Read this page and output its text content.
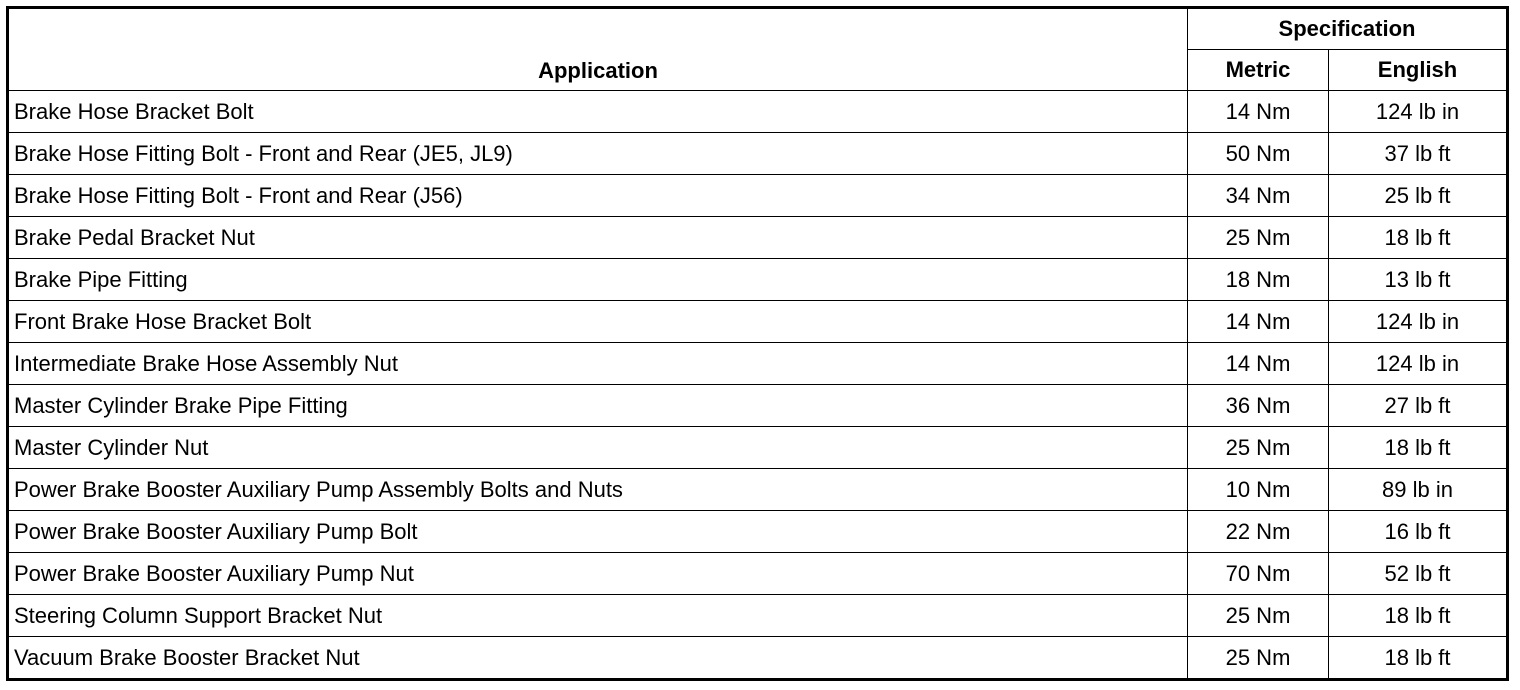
Application	Specification	
	Metric	English
Brake Hose Bracket Bolt	14 Nm	124 lb in
Brake Hose Fitting Bolt - Front and Rear (JE5, JL9)	50 Nm	37 lb ft
Brake Hose Fitting Bolt - Front and Rear (J56)	34 Nm	25 lb ft
Brake Pedal Bracket Nut	25 Nm	18 lb ft
Brake Pipe Fitting	18 Nm	13 lb ft
Front Brake Hose Bracket Bolt	14 Nm	124 lb in
Intermediate Brake Hose Assembly Nut	14 Nm	124 lb in
Master Cylinder Brake Pipe Fitting	36 Nm	27 lb ft
Master Cylinder Nut	25 Nm	18 lb ft
Power Brake Booster Auxiliary Pump Assembly Bolts and Nuts	10 Nm	89 lb in
Power Brake Booster Auxiliary Pump Bolt	22 Nm	16 lb ft
Power Brake Booster Auxiliary Pump Nut	70 Nm	52 lb ft
Steering Column Support Bracket Nut	25 Nm	18 lb ft
Vacuum Brake Booster Bracket Nut	25 Nm	18 lb ft
